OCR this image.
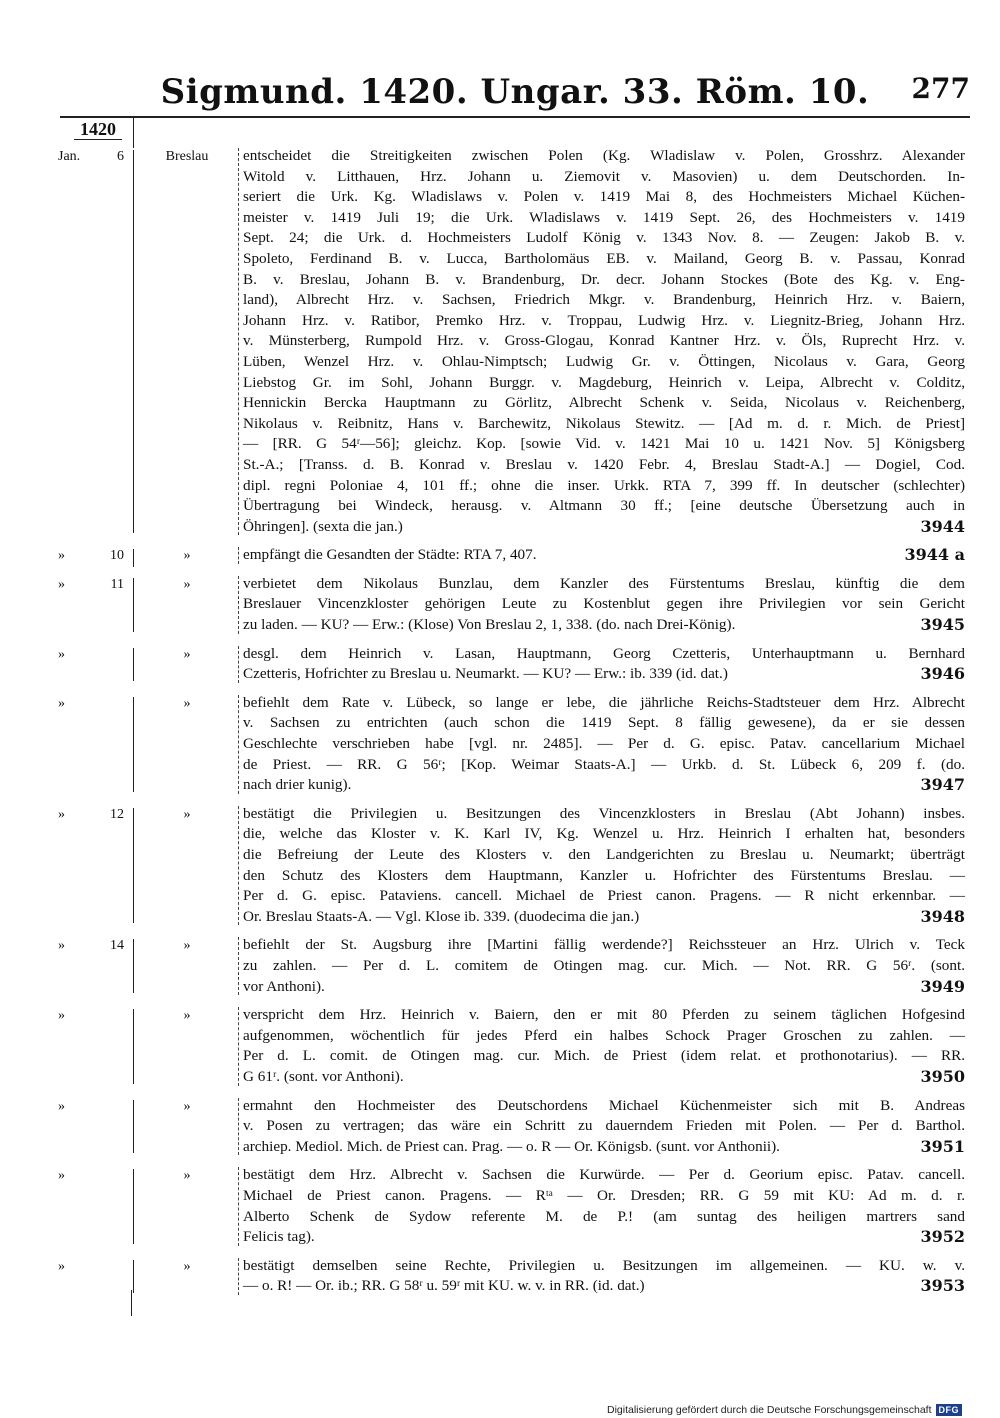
Sigmund. 1420. Ungar. 33. Röm. 10.	277
1420
Jan.	6	Breslau	entscheidet die Streitigkeiten zwischen Polen (Kg. Wladislaw v. Polen, Grosshrz. Alexander
Witold v. Litthauen, Hrz. Johann u. Ziemovit v. Masovien) u. dem Deutschorden. In-
seriert die Urk. Kg. Wladislaws v. Polen v. 1419 Mai 8, des Hochmeisters Michael Küchen-
meister v. 1419 Juli 19; die Urk. Wladislaws v. 1419 Sept. 26, des Hochmeisters v. 1419
Sept. 24; die Urk. d. Hochmeisters Ludolf König v. 1343 Nov. 8. — Zeugen: Jakob B. v.
Spoleto, Ferdinand B. v. Lucca, Bartholomäus EB. v. Mailand, Georg B. v. Passau, Konrad
B. v. Breslau, Johann B. v. Brandenburg, Dr. decr. Johann Stockes (Bote des Kg. v. Eng-
land), Albrecht Hrz. v. Sachsen, Friedrich Mkgr. v. Brandenburg, Heinrich Hrz. v. Baiern,
Johann Hrz. v. Ratibor, Premko Hrz. v. Troppau, Ludwig Hrz. v. Liegnitz-Brieg, Johann Hrz.
v. Münsterberg, Rumpold Hrz. v. Gross-Glogau, Konrad Kantner Hrz. v. Öls, Ruprecht Hrz. v.
Lüben, Wenzel Hrz. v. Ohlau-Nimptsch; Ludwig Gr. v. Öttingen, Nicolaus v. Gara, Georg
Liebstog Gr. im Sohl, Johann Burggr. v. Magdeburg, Heinrich v. Leipa, Albrecht v. Colditz,
Hennickin Bercka Hauptmann zu Görlitz, Albrecht Schenk v. Seida, Nicolaus v. Reichenberg,
Nikolaus v. Reibnitz, Hans v. Barchewitz, Nikolaus Stewitz. — [Ad m. d. r. Mich. de Priest]
— [RR. G 54ʳ—56]; gleichz. Kop. [sowie Vid. v. 1421 Mai 10 u. 1421 Nov. 5] Königsberg
St.-A.; [Transs. d. B. Konrad v. Breslau v. 1420 Febr. 4, Breslau Stadt-A.] — Dogiel, Cod.
dipl. regni Poloniae 4, 101 ff.; ohne die inser. Urkk. RTA 7, 399 ff. In deutscher (schlechter)
Übertragung bei Windeck, herausg. v. Altmann 30 ff.; [eine deutsche Übersetzung auch in
Öhringen]. (sexta die jan.)	3944
»	10	»	empfängt die Gesandten der Städte: RTA 7, 407.	3944 a
»	11	»	verbietet dem Nikolaus Bunzlau, dem Kanzler des Fürstentums Breslau, künftig die dem
Breslauer Vincenzkloster gehörigen Leute zu Kostenblut gegen ihre Privilegien vor sein Gericht
zu laden. — KU? — Erw.: (Klose) Von Breslau 2, 1, 338. (do. nach Drei-König).	3945
»	»	desgl. dem Heinrich v. Lasan, Hauptmann, Georg Czetteris, Unterhauptmann u. Bernhard
Czetteris, Hofrichter zu Breslau u. Neumarkt. — KU? — Erw.: ib. 339 (id. dat.)	3946
»	»	befiehlt dem Rate v. Lübeck, so lange er lebe, die jährliche Reichs-Stadtsteuer dem Hrz. Albrecht
v. Sachsen zu entrichten (auch schon die 1419 Sept. 8 fällig gewesene), da er sie dessen
Geschlechte verschrieben habe [vgl. nr. 2485]. — Per d. G. episc. Patav. cancellarium Michael
de Priest. — RR. G 56ʳ; [Kop. Weimar Staats-A.] — Urkb. d. St. Lübeck 6, 209 f. (do.
nach drier kunig).	3947
»	12	»	bestätigt die Privilegien u. Besitzungen des Vincenzklosters in Breslau (Abt Johann) insbes.
die, welche das Kloster v. K. Karl IV, Kg. Wenzel u. Hrz. Heinrich I erhalten hat, besonders
die Befreiung der Leute des Klosters v. den Landgerichten zu Breslau u. Neumarkt; überträgt
den Schutz des Klosters dem Hauptmann, Kanzler u. Hofrichter des Fürstentums Breslau. —
Per d. G. episc. Pataviens. cancell. Michael de Priest canon. Pragens. — R nicht erkennbar. —
Or. Breslau Staats-A. — Vgl. Klose ib. 339. (duodecima die jan.)	3948
»	14	»	befiehlt der St. Augsburg ihre [Martini fällig werdende?] Reichssteuer an Hrz. Ulrich v. Teck
zu zahlen. — Per d. L. comitem de Otingen mag. cur. Mich. — Not. RR. G 56ʳ. (sont.
vor Anthoni).	3949
»	»	verspricht dem Hrz. Heinrich v. Baiern, den er mit 80 Pferden zu seinem täglichen Hofgesind
aufgenommen, wöchentlich für jedes Pferd ein halbes Schock Prager Groschen zu zahlen. —
Per d. L. comit. de Otingen mag. cur. Mich. de Priest (idem relat. et prothonotarius). — RR.
G 61ʳ. (sont. vor Anthoni).	3950
»	»	ermahnt den Hochmeister des Deutschordens Michael Küchenmeister sich mit B. Andreas
v. Posen zu vertragen; das wäre ein Schritt zu dauerndem Frieden mit Polen. — Per d. Barthol.
archiep. Mediol. Mich. de Priest can. Prag. — o. R — Or. Königsb. (sunt. vor Anthonii).	3951
»	»	bestätigt dem Hrz. Albrecht v. Sachsen die Kurwürde. — Per d. Georium episc. Patav. cancell.
Michael de Priest canon. Pragens. — Rᵗᵃ — Or. Dresden; RR. G 59 mit KU: Ad m. d. r.
Alberto Schenk de Sydow referente M. de P.! (am suntag des heiligen martrers sand
Felicis tag).	3952
»	»	bestätigt demselben seine Rechte, Privilegien u. Besitzungen im allgemeinen. — KU. w. v.
— o. R! — Or. ib.; RR. G 58ʳ u. 59ʳ mit KU. w. v. in RR. (id. dat.)	3953
Digitalisierung gefördert durch die Deutsche Forschungsgemeinschaft DFG
